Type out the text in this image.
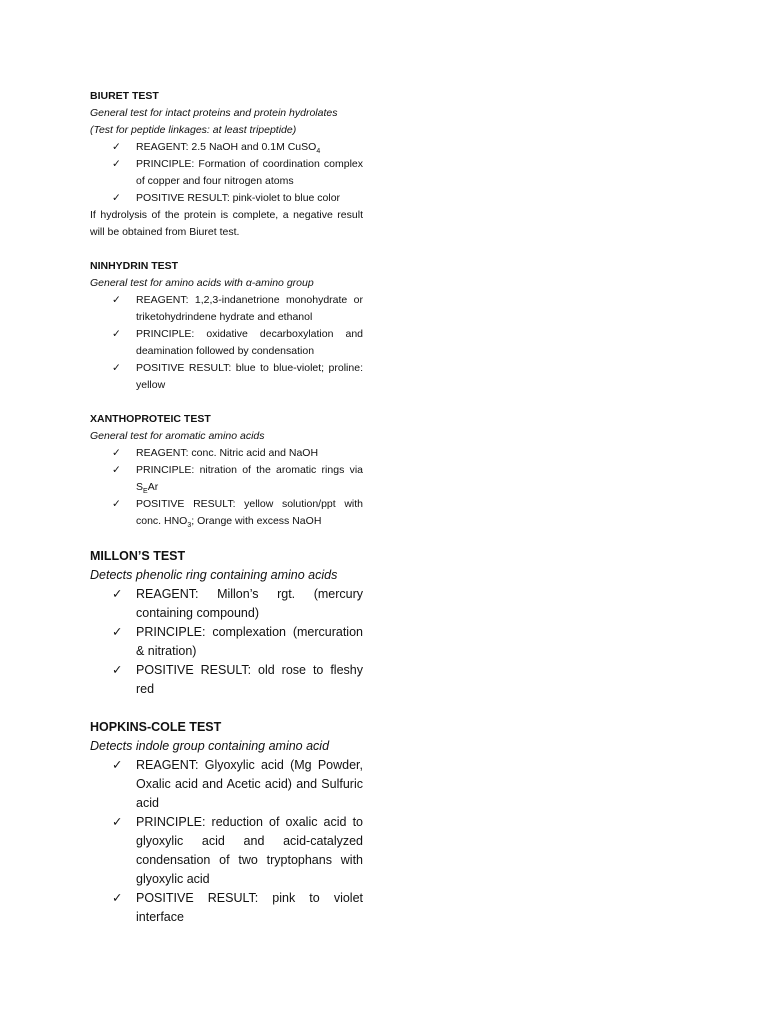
BIURET TEST
General test for intact proteins and protein hydrolates
(Test for peptide linkages: at least tripeptide)
✓ REAGENT: 2.5 NaOH and 0.1M CuSO$_4$
✓ PRINCIPLE: Formation of coordination complex of copper and four nitrogen atoms
✓ POSITIVE RESULT: pink-violet to blue color

If hydrolysis of the protein is complete, a negative result will be obtained from Biuret test.

NINHYDRIN TEST
General test for amino acids with α-amino group
✓ REAGENT: 1,2,3-indanetrione monohydrate or triketohydrindene hydrate and ethanol
✓ PRINCIPLE: oxidative decarboxylation and deamination followed by condensation
✓ POSITIVE RESULT: blue to blue-violet; proline: yellow
XANTHOPROTEIC TEST
General test for aromatic amino acids
✓ REAGENT: conc. Nitric acid and NaOH
✓ PRINCIPLE: nitration of the aromatic rings via $S_EAr$
✓ POSITIVE RESULT: yellow solution/ppt with conc. $HNO_3$; Orange with excess NaOH
MILLON’S TEST
Detects phenolic ring containing amino acids
✓ REAGENT: Millon’s rgt. (mercury containing compound)
✓ PRINCIPLE: complexation (mercuration & nitration)
✓ POSITIVE RESULT: old rose to fleshy red
HOPKINS-COLE TEST
Detects indole group containing amino acid
✓ REAGENT: Glyoxylic acid (Mg Powder, Oxalic acid and Acetic acid) and Sulfuric acid
✓ PRINCIPLE: reduction of oxalic acid to glyoxylic acid and acid-catalyzed condensation of two tryptophans with glyoxylic acid
✓ POSITIVE RESULT: pink to violet interface
